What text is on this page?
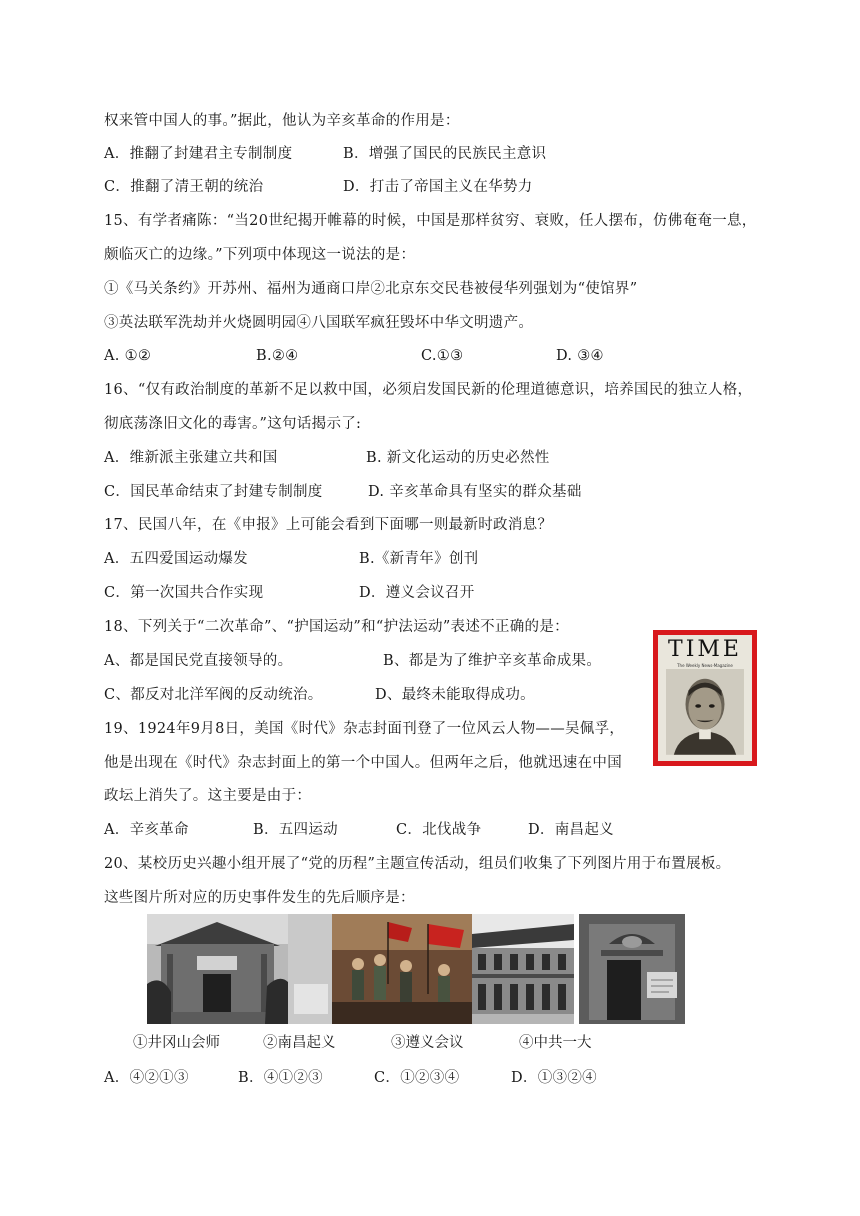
权来管中国人的事。”据此，他认为辛亥革命的作用是：
A．推翻了封建君主专制制度	B．增强了国民的民族民主意识
C．推翻了清王朝的统治	D．打击了帝国主义在华势力
15、有学者痛陈：“当20世纪揭开帷幕的时候，中国是那样贫穷、衰败，任人摆布，仿佛奄奄一息，
颇临灭亡的边缘。”下列项中体现这一说法的是：
①《马关条约》开苏州、福州为通商口岸②北京东交民巷被侵华列强划为“使馆界”
③英法联军洗劫并火烧圆明园④八国联军疯狂毁坏中华文明遗产。
A. ①②	B.②④	C.①③	D. ③④
16、“仅有政治制度的革新不足以救中国，必须启发国民新的伦理道德意识，培养国民的独立人格，
彻底荡涤旧文化的毒害。”这句话揭示了:
A．维新派主张建立共和国	B. 新文化运动的历史必然性
C．国民革命结束了封建专制制度	D. 辛亥革命具有坚实的群众基础
17、民国八年，在《申报》上可能会看到下面哪一则最新时政消息？
A．五四爱国运动爆发	B.《新青年》创刊
C．第一次国共合作实现	D．遵义会议召开
18、下列关于“二次革命”、“护国运动”和“护法运动”表述不正确的是：
A、都是国民党直接领导的。	B、都是为了维护辛亥革命成果。
C、都反对北洋军阀的反动统治。	D、最终未能取得成功。
TIME
The Weekly News-Magazine
19、1924年9月8日，美国《时代》杂志封面刊登了一位风云人物——吴佩孚，
他是出现在《时代》杂志封面上的第一个中国人。但两年之后，他就迅速在中国
政坛上消失了。这主要是由于：
A．辛亥革命	B．五四运动	C．北伐战争	D．南昌起义
20、某校历史兴趣小组开展了“党的历程”主题宣传活动，组员们收集了下列图片用于布置展板。
这些图片所对应的历史事件发生的先后顺序是：
①井冈山会师	②南昌起义	③遵义会议	④中共一大
A．④②①③	B．④①②③	C．①②③④	D．①③②④
